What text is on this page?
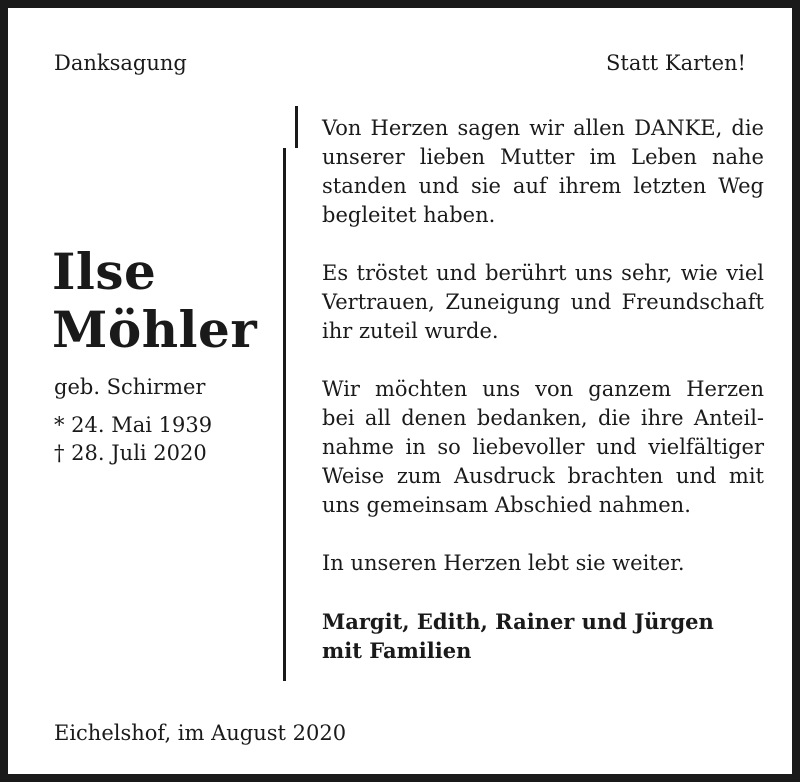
Danksagung	Statt Karten!
Ilse
Möhler
geb. Schirmer
* 24. Mai 1939
† 28. Juli 2020

Von Herzen sagen wir allen DANKE, die
unserer lieben Mutter im Leben nahe
standen und sie auf ihrem letzten Weg
begleitet haben.

Es tröstet und berührt uns sehr, wie viel
Vertrauen, Zuneigung und Freundschaft
ihr zuteil wurde.

Wir möchten uns von ganzem Herzen
bei all denen bedanken, die ihre Anteil-
nahme in so liebevoller und vielfältiger
Weise zum Ausdruck brachten und mit
uns gemeinsam Abschied nahmen.

In unseren Herzen lebt sie weiter.

Margit, Edith, Rainer und Jürgen
mit Familien
Eichelshof, im August 2020
